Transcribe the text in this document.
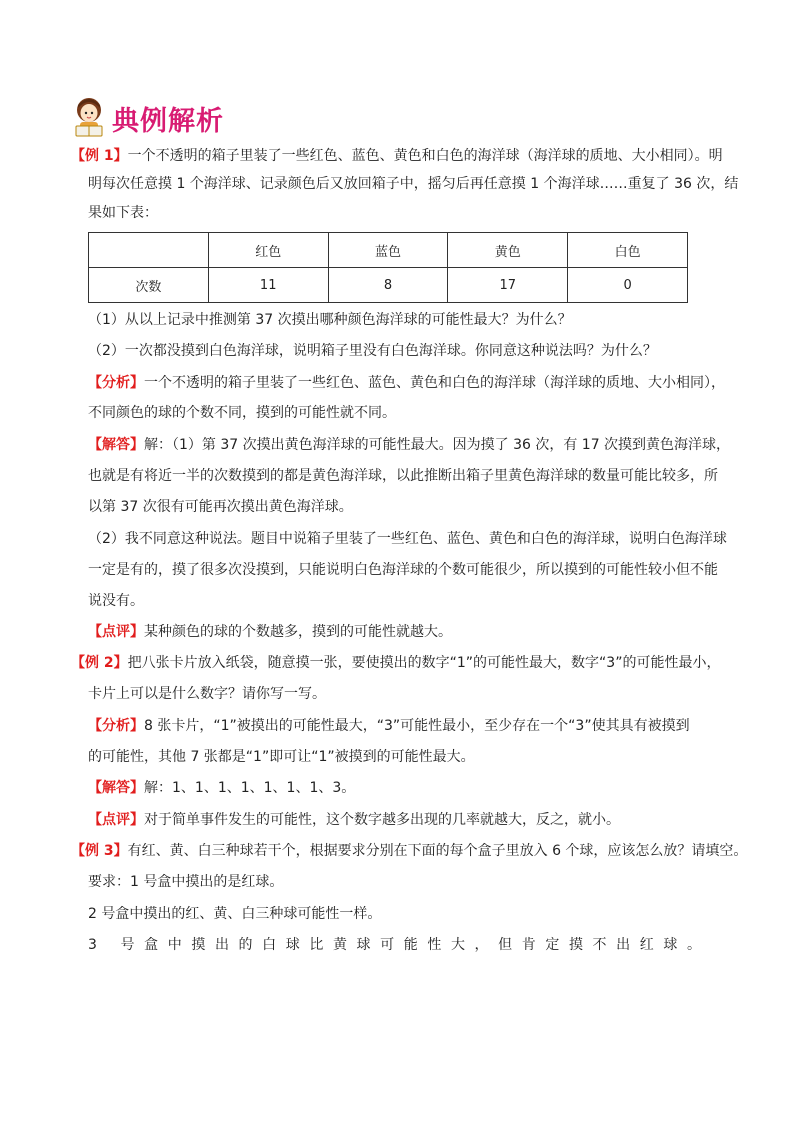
典例解析
【例 1】一个不透明的箱子里装了一些红色、蓝色、黄色和白色的海洋球（海洋球的质地、大小相同）。明
明每次任意摸 1 个海洋球、记录颜色后又放回箱子中，摇匀后再任意摸 1 个海洋球……重复了 36 次，结
果如下表：
	红色	蓝色	黄色	白色
次数	11	8	17	0
（1）从以上记录中推测第 37 次摸出哪种颜色海洋球的可能性最大？为什么？
（2）一次都没摸到白色海洋球，说明箱子里没有白色海洋球。你同意这种说法吗？为什么？
【分析】一个不透明的箱子里装了一些红色、蓝色、黄色和白色的海洋球（海洋球的质地、大小相同），
不同颜色的球的个数不同，摸到的可能性就不同。
【解答】解：（1）第 37 次摸出黄色海洋球的可能性最大。因为摸了 36 次，有 17 次摸到黄色海洋球，
也就是有将近一半的次数摸到的都是黄色海洋球，以此推断出箱子里黄色海洋球的数量可能比较多，所
以第 37 次很有可能再次摸出黄色海洋球。
（2）我不同意这种说法。题目中说箱子里装了一些红色、蓝色、黄色和白色的海洋球，说明白色海洋球
一定是有的，摸了很多次没摸到，只能说明白色海洋球的个数可能很少，所以摸到的可能性较小但不能
说没有。
【点评】某种颜色的球的个数越多，摸到的可能性就越大。
【例 2】把八张卡片放入纸袋，随意摸一张，要使摸出的数字“1”的可能性最大，数字“3”的可能性最小，
卡片上可以是什么数字？请你写一写。
【分析】8 张卡片，“1”被摸出的可能性最大，“3”可能性最小，至少存在一个“3”使其具有被摸到
的可能性，其他 7 张都是“1”即可让“1”被摸到的可能性最大。
【解答】解：1、1、1、1、1、1、1、3。
【点评】对于简单事件发生的可能性，这个数字越多出现的几率就越大，反之，就小。
【例 3】有红、黄、白三种球若干个，根据要求分别在下面的每个盒子里放入 6 个球，应该怎么放？请填空。
要求：1 号盒中摸出的是红球。
2 号盒中摸出的红、黄、白三种球可能性一样。
3 号盒中摸出的白球比黄球可能性大，但肯定摸不出红球。
